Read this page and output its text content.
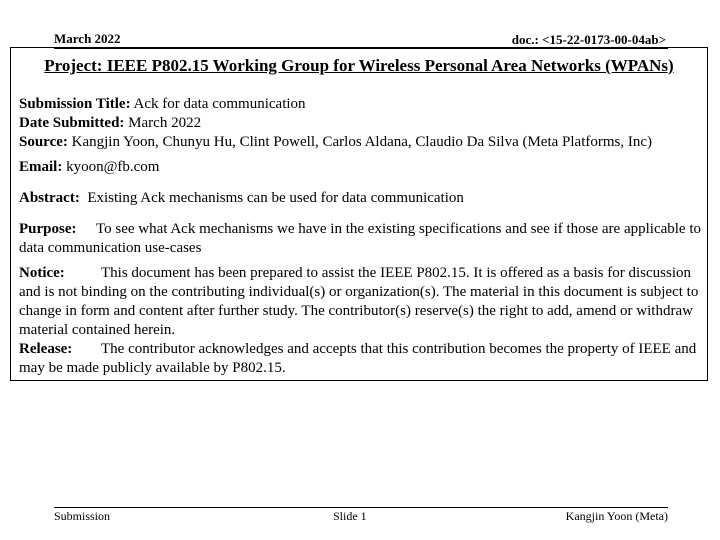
March 2022	doc.: <15-22-0173-00-04ab>
Project: IEEE P802.15 Working Group for Wireless Personal Area Networks (WPANs)
Submission Title: Ack for data communication
Date Submitted: March 2022
Source: Kangjin Yoon, Chunyu Hu, Clint Powell, Carlos Aldana, Claudio Da Silva (Meta Platforms, Inc)
Email: kyoon@fb.com
Abstract:  Existing Ack mechanisms can be used for data communication
Purpose: To see what Ack mechanisms we have in the existing specifications and see if those are applicable to data communication use-cases
Notice: This document has been prepared to assist the IEEE P802.15. It is offered as a basis for discussion and is not binding on the contributing individual(s) or organization(s). The material in this document is subject to change in form and content after further study. The contributor(s) reserve(s) the right to add, amend or withdraw material contained herein.
Release: The contributor acknowledges and accepts that this contribution becomes the property of IEEE and may be made publicly available by P802.15.
Submission	Slide 1	Kangjin Yoon (Meta)
